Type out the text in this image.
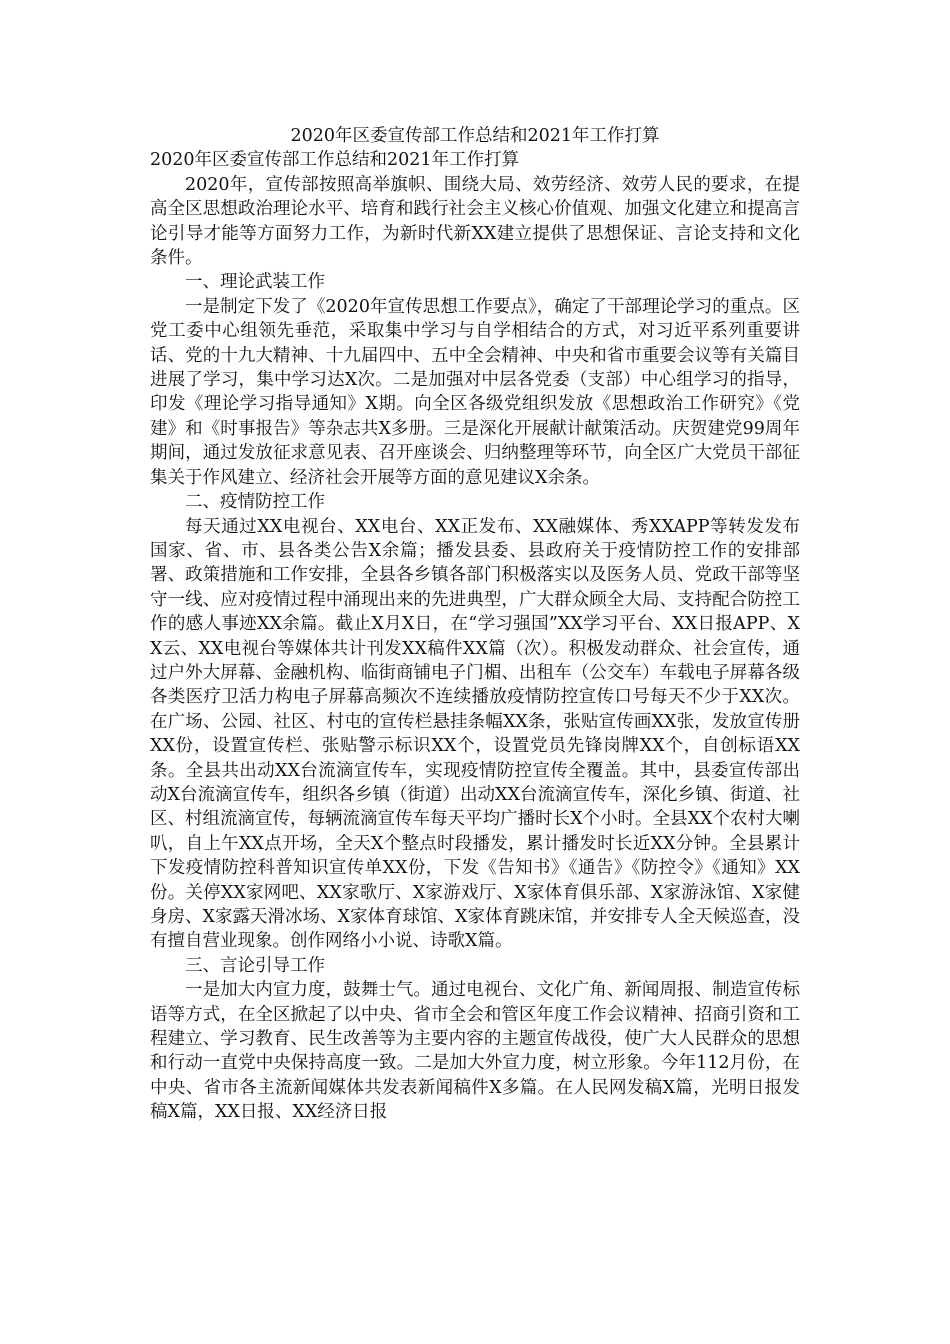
2020年区委宣传部工作总结和2021年工作打算
2020年区委宣传部工作总结和2021年工作打算

2020年，宣传部按照高举旗帜、围绕大局、效劳经济、效劳人民的要求，在提高全区思想政治理论水平、培育和践行社会主义核心价值观、加强文化建立和提高言论引导才能等方面努力工作，为新时代新XX建立提供了思想保证、言论支持和文化条件。

一、理论武装工作

一是制定下发了《2020年宣传思想工作要点》，确定了干部理论学习的重点。区党工委中心组领先垂范，采取集中学习与自学相结合的方式，对习近平系列重要讲话、党的十九大精神、十九届四中、五中全会精神、中央和省市重要会议等有关篇目进展了学习，集中学习达X次。二是加强对中层各党委（支部）中心组学习的指导，印发《理论学习指导通知》X期。向全区各级党组织发放《思想政治工作研究》《党建》和《时事报告》等杂志共X多册。三是深化开展献计献策活动。庆贺建党99周年期间，通过发放征求意见表、召开座谈会、归纳整理等环节，向全区广大党员干部征集关于作风建立、经济社会开展等方面的意见建议X余条。

二、疫情防控工作

每天通过XX电视台、XX电台、XX正发布、XX融媒体、秀XXAPP等转发发布国家、省、市、县各类公告X余篇；播发县委、县政府关于疫情防控工作的安排部署、政策措施和工作安排，全县各乡镇各部门积极落实以及医务人员、党政干部等坚守一线、应对疫情过程中涌现出来的先进典型，广大群众顾全大局、支持配合防控工作的感人事迹XX余篇。截止X月X日，在“学习强国”XX学习平台、XX日报APP、XX云、XX电视台等媒体共计刊发XX稿件XX篇（次）。积极发动群众、社会宣传，通过户外大屏幕、金融机构、临街商铺电子门楣、出租车（公交车）车载电子屏幕各级各类医疗卫活力构电子屏幕高频次不连续播放疫情防控宣传口号每天不少于XX次。在广场、公园、社区、村屯的宣传栏悬挂条幅XX条，张贴宣传画XX张，发放宣传册XX份，设置宣传栏、张贴警示标识XX个，设置党员先锋岗牌XX个，自创标语XX条。全县共出动XX台流滴宣传车，实现疫情防控宣传全覆盖。其中，县委宣传部出动X台流滴宣传车，组织各乡镇（街道）出动XX台流滴宣传车，深化乡镇、街道、社区、村组流滴宣传，每辆流滴宣传车每天平均广播时长X个小时。全县XX个农村大喇叭，自上午XX点开场，全天X个整点时段播发，累计播发时长近XX分钟。全县累计下发疫情防控科普知识宣传单XX份，下发《告知书》《通告》《防控令》《通知》XX份。关停XX家网吧、XX家歌厅、X家游戏厅、X家体育俱乐部、X家游泳馆、X家健身房、X家露天滑冰场、X家体育球馆、X家体育跳床馆，并安排专人全天候巡查，没有擅自营业现象。创作网络小小说、诗歌X篇。

三、言论引导工作

一是加大内宣力度，鼓舞士气。通过电视台、文化广角、新闻周报、制造宣传标语等方式，在全区掀起了以中央、省市全会和管区年度工作会议精神、招商引资和工程建立、学习教育、民生改善等为主要内容的主题宣传战役，使广大人民群众的思想和行动一直党中央保持高度一致。二是加大外宣力度，树立形象。今年112月份，在中央、省市各主流新闻媒体共发表新闻稿件X多篇。在人民网发稿X篇，光明日报发稿X篇，XX日报、XX经济日报
